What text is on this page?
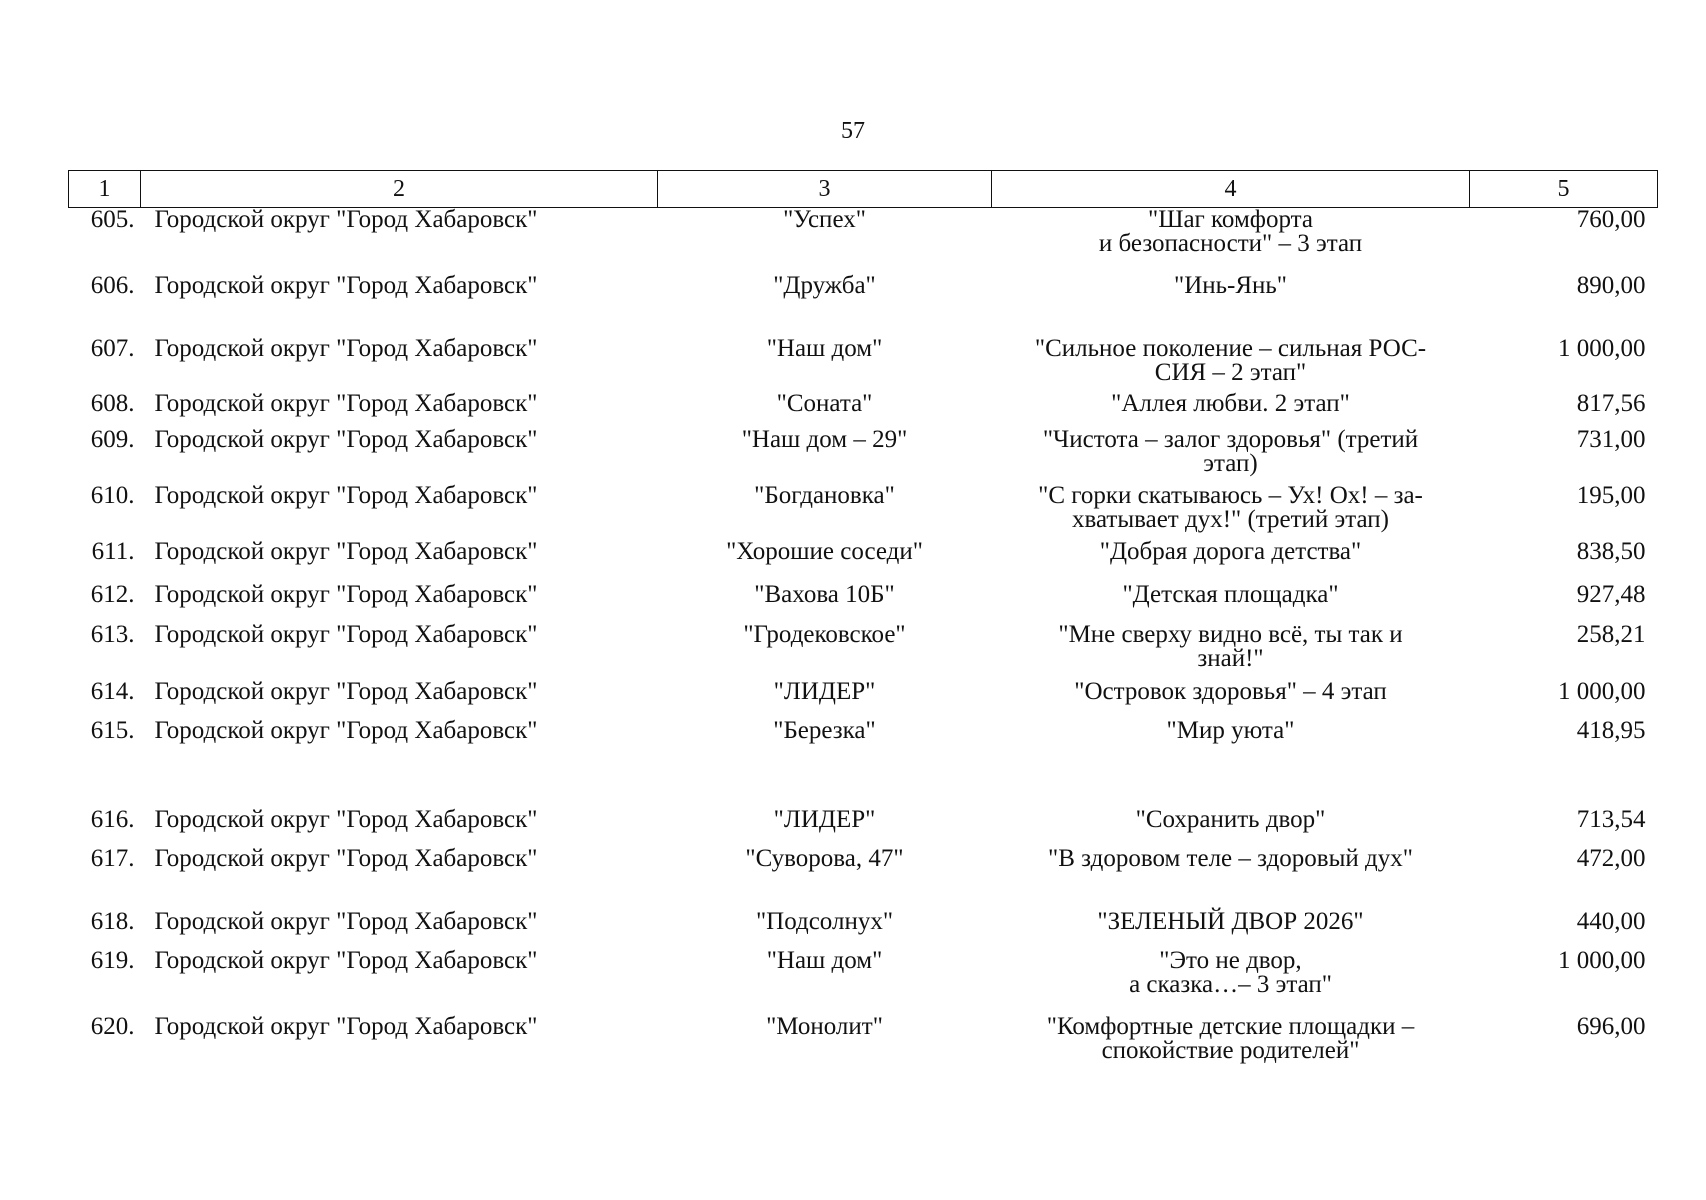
57
1	2	3	4	5
605.	Городской округ "Город Хабаровск"	"Успех"	"Шаг комфорта
и безопасности" – 3 этап	760,00
606.	Городской округ "Город Хабаровск"	"Дружба"	"Инь-Янь"	890,00
607.	Городской округ "Город Хабаровск"	"Наш дом"	"Сильное поколение – сильная РОС-
СИЯ – 2 этап"	1 000,00
608.	Городской округ "Город Хабаровск"	"Соната"	"Аллея любви. 2 этап"	817,56
609.	Городской округ "Город Хабаровск"	"Наш дом – 29"	"Чистота – залог здоровья" (третий
этап)	731,00
610.	Городской округ "Город Хабаровск"	"Богдановка"	"С горки скатываюсь – Ух! Ох! – за-
хватывает дух!" (третий этап)	195,00
611.	Городской округ "Город Хабаровск"	"Хорошие соседи"	"Добрая дорога детства"	838,50
612.	Городской округ "Город Хабаровск"	"Вахова 10Б"	"Детская площадка"	927,48
613.	Городской округ "Город Хабаровск"	"Гродековское"	"Мне сверху видно всё, ты так и
знай!"	258,21
614.	Городской округ "Город Хабаровск"	"ЛИДЕР"	"Островок здоровья" – 4 этап	1 000,00
615.	Городской округ "Город Хабаровск"	"Березка"	"Мир уюта"	418,95
616.	Городской округ "Город Хабаровск"	"ЛИДЕР"	"Сохранить двор"	713,54
617.	Городской округ "Город Хабаровск"	"Суворова, 47"	"В здоровом теле – здоровый дух"	472,00
618.	Городской округ "Город Хабаровск"	"Подсолнух"	"ЗЕЛЕНЫЙ ДВОР 2026"	440,00
619.	Городской округ "Город Хабаровск"	"Наш дом"	"Это не двор,
а сказка…– 3 этап"	1 000,00
620.	Городской округ "Город Хабаровск"	"Монолит"	"Комфортные детские площадки –
спокойствие родителей"	696,00
